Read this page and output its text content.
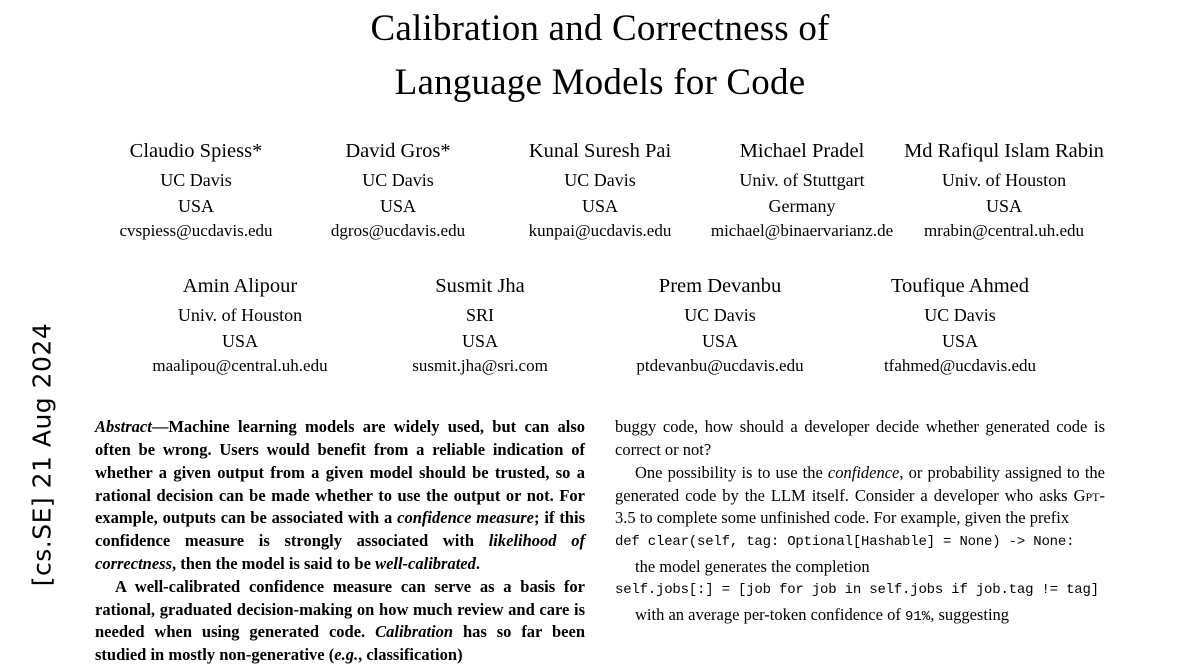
[cs.SE] 21 Aug 2024
Calibration and Correctness of
Language Models for Code
Claudio Spiess*
UC Davis
USA
cvspiess@ucdavis.edu
David Gros*
UC Davis
USA
dgros@ucdavis.edu
Kunal Suresh Pai
UC Davis
USA
kunpai@ucdavis.edu
Michael Pradel
Univ. of Stuttgart
Germany
michael@binaervarianz.de
Md Rafiqul Islam Rabin
Univ. of Houston
USA
mrabin@central.uh.edu
Amin Alipour
Univ. of Houston
USA
maalipou@central.uh.edu
Susmit Jha
SRI
USA
susmit.jha@sri.com
Prem Devanbu
UC Davis
USA
ptdevanbu@ucdavis.edu
Toufique Ahmed
UC Davis
USA
tfahmed@ucdavis.edu

Abstract—Machine learning models are widely used, but can also often be wrong. Users would benefit from a reliable indication of whether a given output from a given model should be trusted, so a rational decision can be made whether to use the output or not. For example, outputs can be associated with a confidence measure; if this confidence measure is strongly associated with likelihood of correctness, then the model is said to be well-calibrated.

A well-calibrated confidence measure can serve as a basis for rational, graduated decision-making on how much review and care is needed when using generated code. Calibration has so far been studied in mostly non-generative (e.g., classification)

buggy code, how should a developer decide whether generated code is correct or not?

One possibility is to use the confidence, or probability assigned to the generated code by the LLM itself. Consider a developer who asks Gpt-3.5 to complete some unfinished code. For example, given the prefix

def clear(self, tag: Optional[Hashable] = None) -> None:

the model generates the completion

self.jobs[:] = [job for job in self.jobs if job.tag != tag]

with an average per-token confidence of 91%, suggesting
